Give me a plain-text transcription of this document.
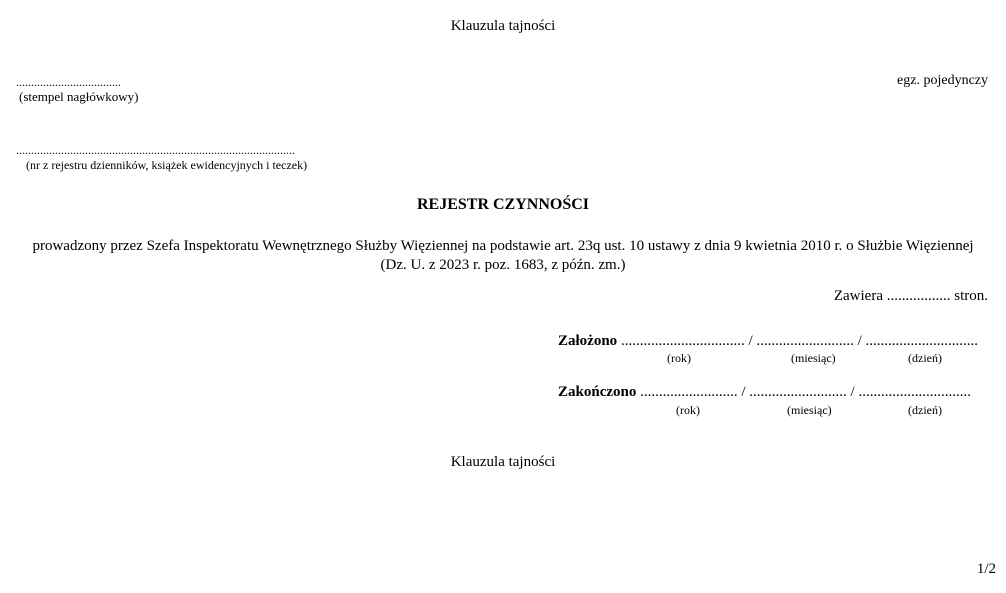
Klauzula tajności
...................................
(stempel nagłówkowy)
egz. pojedynczy
.............................................................................................
(nr z rejestru dzienników, książek ewidencyjnych i teczek)
REJESTR CZYNNOŚCI
prowadzony przez Szefa Inspektoratu Wewnętrznego Służby Więziennej na podstawie art. 23q ust. 10 ustawy z dnia 9 kwietnia 2010 r. o Służbie Więziennej
(Dz. U. z 2023 r. poz. 1683, z późn. zm.)
Zawiera ................. stron.
Założono ................................. / .......................... / ..............................
(rok)	(miesiąc)	(dzień)
Zakończono .......................... / .......................... / ..............................
(rok)	(miesiąc)	(dzień)
Klauzula tajności
1/2
